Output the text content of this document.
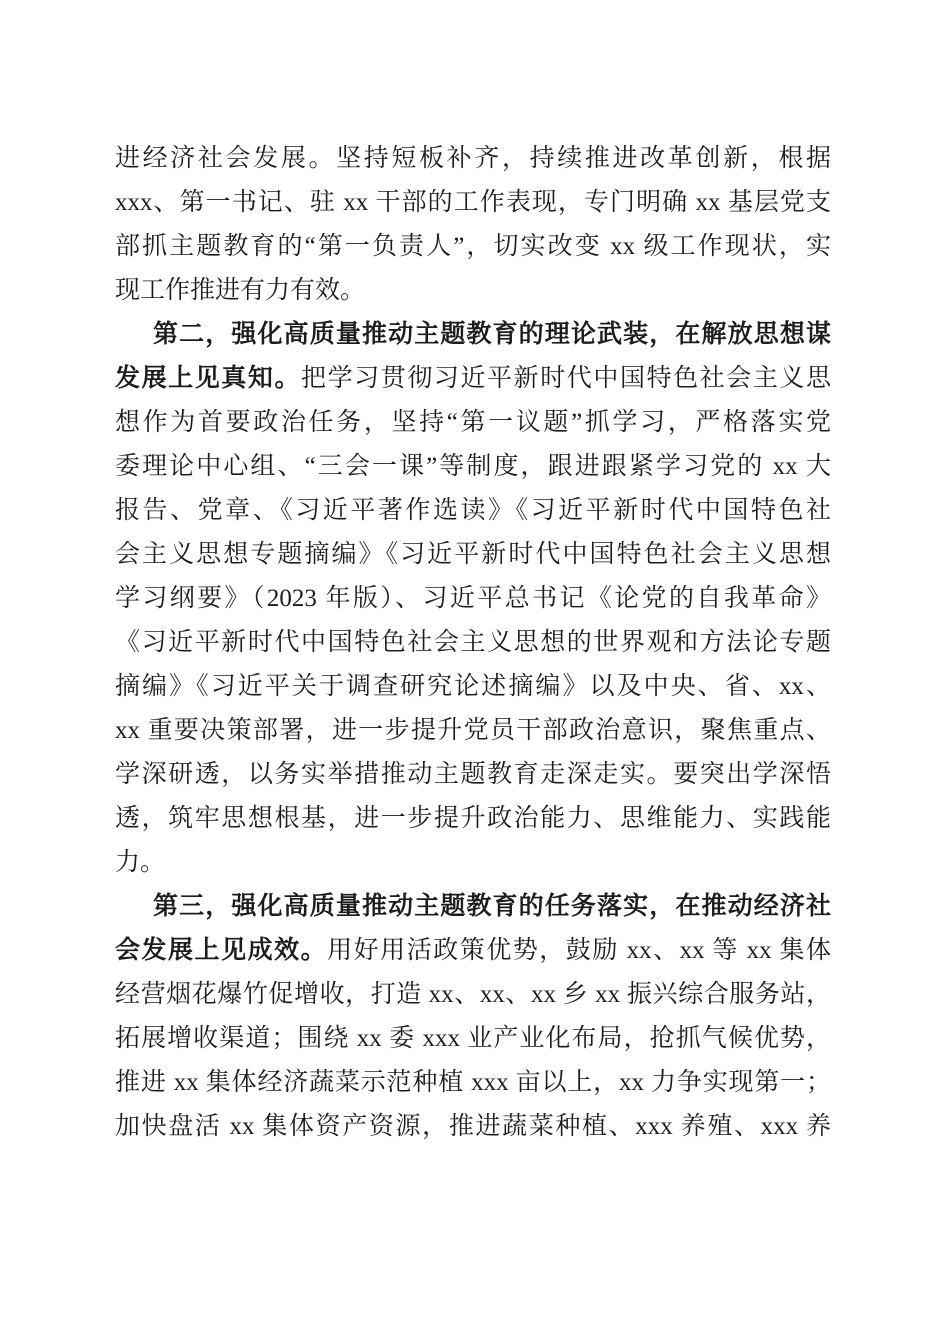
进经济社会发展。坚持短板补齐，持续推进改革创新，根据
xxx、第一书记、驻 xx 干部的工作表现，专门明确 xx 基层党支
部抓主题教育的“第一负责人”，切实改变 xx 级工作现状，实
现工作推进有力有效。
第二，强化高质量推动主题教育的理论武装，在解放思想谋
发展上见真知。把学习贯彻习近平新时代中国特色社会主义思
想作为首要政治任务，坚持“第一议题”抓学习，严格落实党
委理论中心组、“三会一课”等制度，跟进跟紧学习党的 xx 大
报告、党章、《习近平著作选读》《习近平新时代中国特色社
会主义思想专题摘编》《习近平新时代中国特色社会主义思想
学习纲要》（2023 年版）、习近平总书记《论党的自我革命》
《习近平新时代中国特色社会主义思想的世界观和方法论专题
摘编》《习近平关于调查研究论述摘编》以及中央、省、xx、
xx 重要决策部署，进一步提升党员干部政治意识，聚焦重点、
学深研透，以务实举措推动主题教育走深走实。要突出学深悟
透，筑牢思想根基，进一步提升政治能力、思维能力、实践能
力。
第三，强化高质量推动主题教育的任务落实，在推动经济社
会发展上见成效。用好用活政策优势，鼓励 xx、xx 等 xx 集体
经营烟花爆竹促增收，打造 xx、xx、xx 乡 xx 振兴综合服务站，
拓展增收渠道；围绕 xx 委 xxx 业产业化布局，抢抓气候优势，
推进 xx 集体经济蔬菜示范种植 xxx 亩以上，xx 力争实现第一；
加快盘活 xx 集体资产资源，推进蔬菜种植、xxx 养殖、xxx 养
